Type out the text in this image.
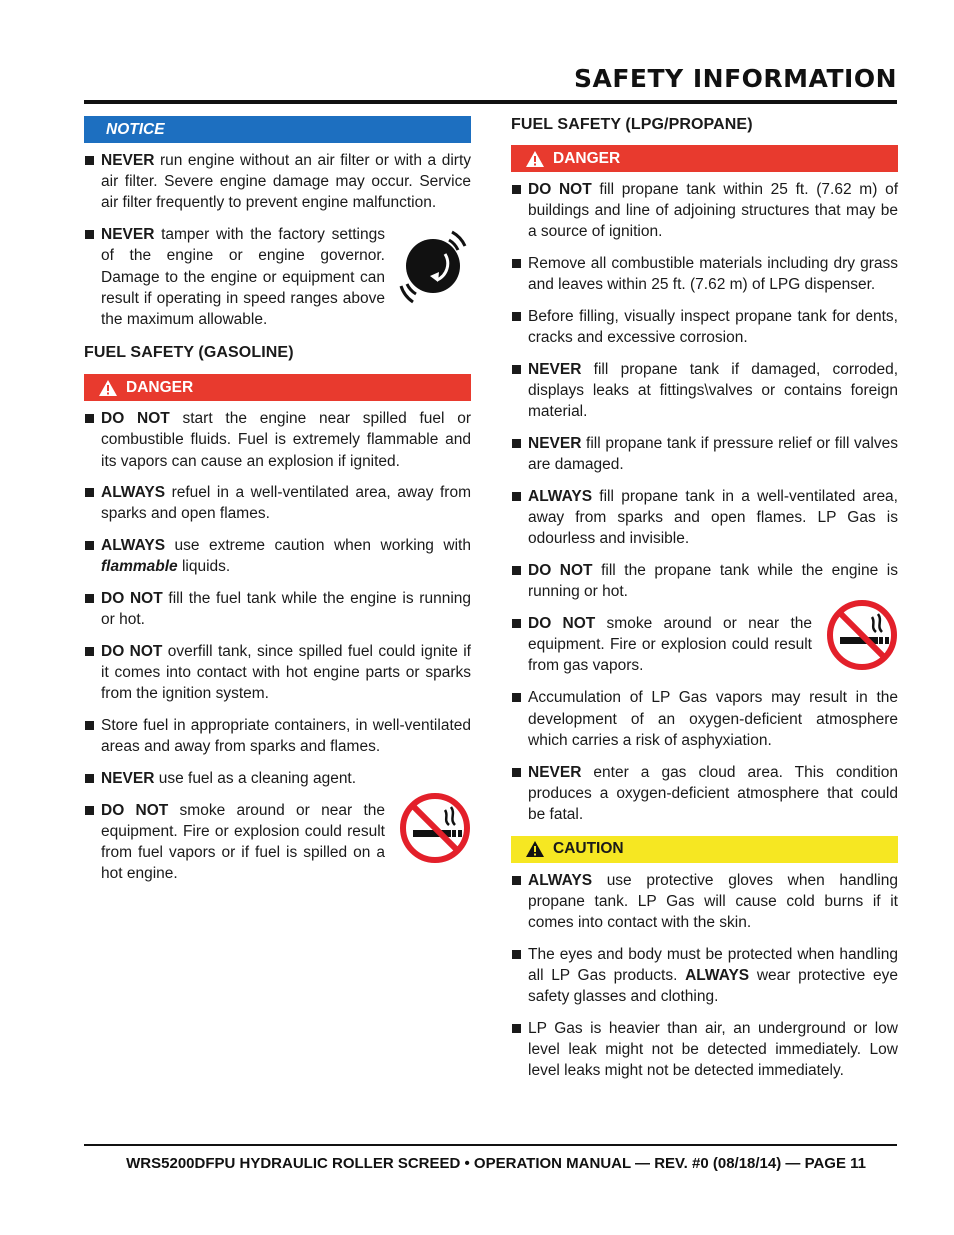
SAFETY INFORMATION
NOTICE
NEVER run engine without an air filter or with a dirty air filter. Severe engine damage may occur. Service air filter frequently to prevent engine malfunction.
NEVER tamper with the factory settings of the engine or engine governor. Damage to the engine or equipment can result if operating in speed ranges above the maximum allowable.
FUEL SAFETY (GASOLINE)
DANGER
DO NOT start the engine near spilled fuel or combustible fluids. Fuel is extremely flammable and its vapors can cause an explosion if ignited.
ALWAYS refuel in a well-ventilated area, away from sparks and open flames.
ALWAYS use extreme caution when working with flammable liquids.
DO NOT fill the fuel tank while the engine is running or hot.
DO NOT overfill tank, since spilled fuel could ignite if it comes into contact with hot engine parts or sparks from the ignition system.
Store fuel in appropriate containers, in well-ventilated areas and away from sparks and flames.
NEVER use fuel as a cleaning agent.
DO NOT smoke around or near the equipment. Fire or explosion could result from fuel vapors or if fuel is spilled on a hot engine.
FUEL SAFETY (LPG/PROPANE)
DANGER
DO NOT fill propane tank within 25 ft. (7.62 m) of buildings and line of adjoining structures that may be a source of ignition.
Remove all combustible materials including dry grass and leaves within 25 ft. (7.62 m) of LPG dispenser.
Before filling, visually inspect propane tank for dents, cracks and excessive corrosion.
NEVER fill propane tank if damaged, corroded, displays leaks at fittings\valves or contains foreign material.
NEVER fill propane tank if pressure relief or fill valves are damaged.
ALWAYS fill propane tank in a well-ventilated area, away from sparks and open flames. LP Gas is odourless and invisible.
DO NOT fill the propane tank while the engine is running or hot.
DO NOT smoke around or near the equipment. Fire or explosion could result from gas vapors.
Accumulation of LP Gas vapors may result in the development of an oxygen-deficient atmosphere which carries a risk of asphyxiation.
NEVER enter a gas cloud area. This condition produces a oxygen-deficient atmosphere that could be fatal.
CAUTION
ALWAYS use protective gloves when handling propane tank. LP Gas will cause cold burns if it comes into contact with the skin.
The eyes and body must be protected when handling all LP Gas products. ALWAYS wear protective eye safety glasses and clothing.
LP Gas is heavier than air, an underground or low level leak might not be detected immediately. Low level leaks might not be detected immediately.
WRS5200DFPU HYDRAULIC ROLLER SCREED • OPERATION MANUAL — REV. #0 (08/18/14) — PAGE 11
